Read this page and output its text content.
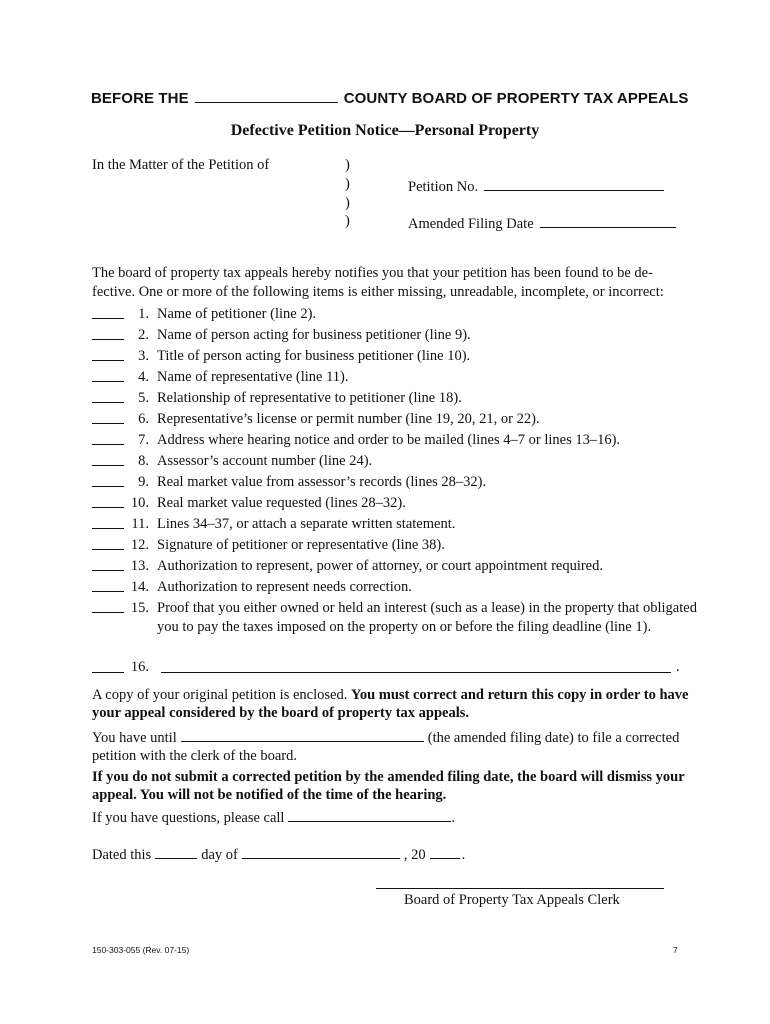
BEFORE THE	COUNTY BOARD OF PROPERTY TAX APPEALS
Defective Petition Notice—Personal Property
In the Matter of the Petition of	)
)
)
)
Petition No.
Amended Filing Date
The board of property tax appeals hereby notifies you that your petition has been found to be de-fective. One or more of the following items is either missing, unreadable, incomplete, or incorrect:
1. Name of petitioner (line 2).
2. Name of person acting for business petitioner (line 9).
3. Title of person acting for business petitioner (line 10).
4. Name of representative (line 11).
5. Relationship of representative to petitioner (line 18).
6. Representative’s license or permit number (line 19, 20, 21, or 22).
7. Address where hearing notice and order to be mailed (lines 4–7 or lines 13–16).
8. Assessor’s account number (line 24).
9. Real market value from assessor’s records (lines 28–32).
10. Real market value requested (lines 28–32).
11. Lines 34–37, or attach a separate written statement.
12. Signature of petitioner or representative (line 38).
13. Authorization to represent, power of attorney, or court appointment required.
14. Authorization to represent needs correction.
15. Proof that you either owned or held an interest (such as a lease) in the property that obligated you to pay the taxes imposed on the property on or before the filing deadline (line 1).
16.	.
A copy of your original petition is enclosed. You must correct and return this copy in order to have your appeal considered by the board of property tax appeals.
You have until	(the amended filing date) to file a corrected petition with the clerk of the board.
If you do not submit a corrected petition by the amended filing date, the board will dismiss your appeal. You will not be notified of the time of the hearing.
If you have questions, please call	.
Dated this	day of	, 20 .
Board of Property Tax Appeals Clerk
150-303-055 (Rev. 07-15)	7
